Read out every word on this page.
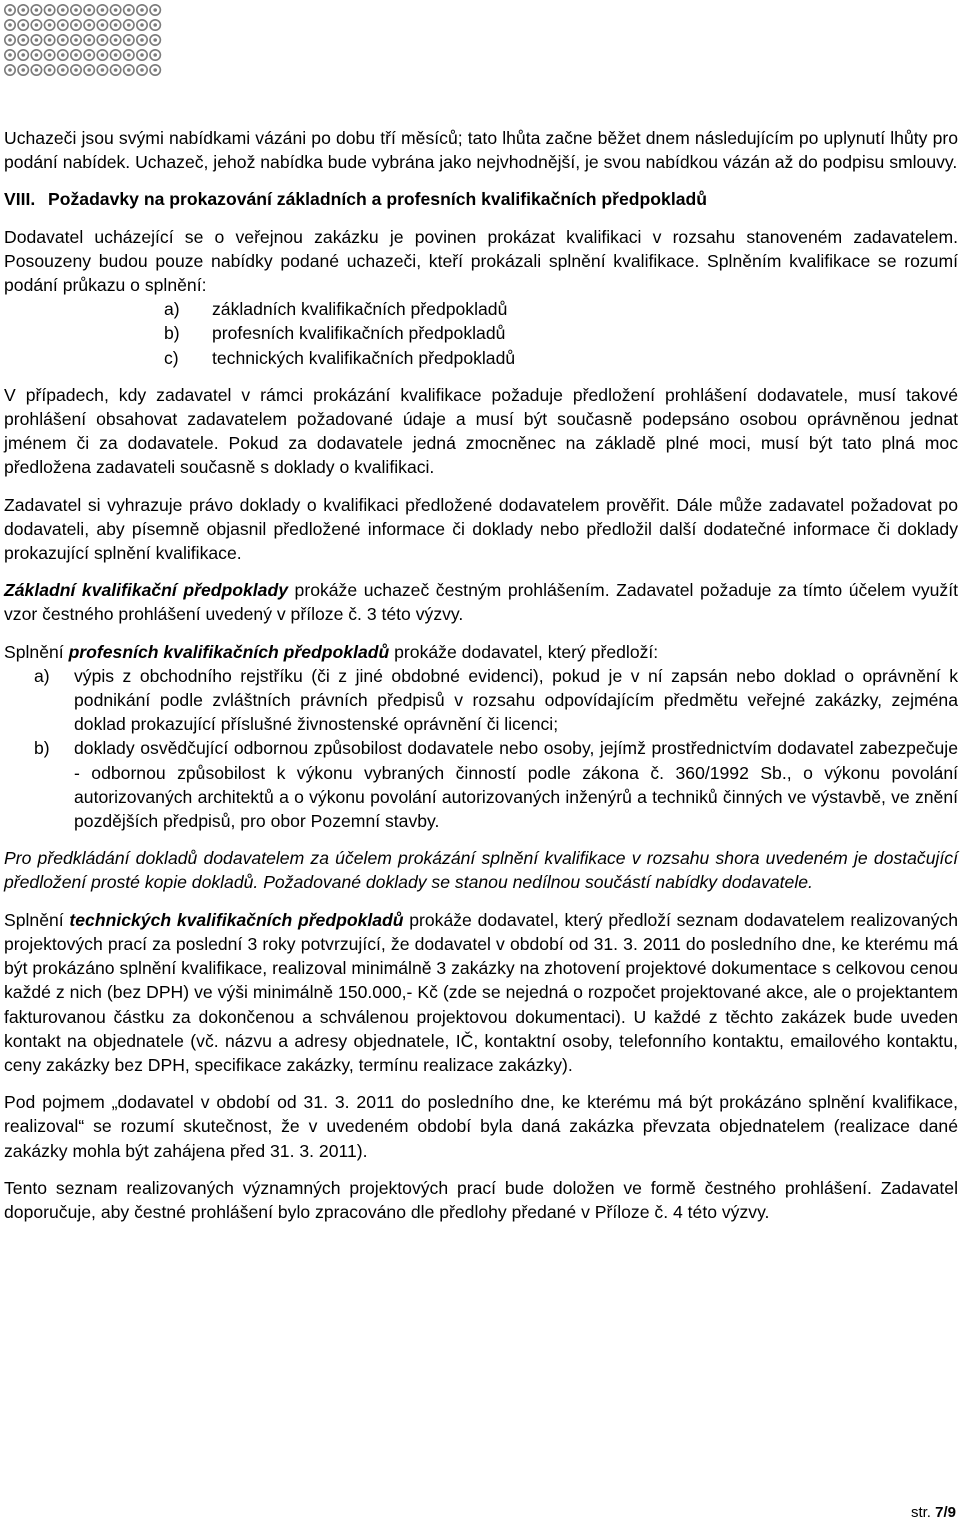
Uchazeči jsou svými nabídkami vázáni po dobu tří měsíců; tato lhůta začne běžet dnem následujícím po uplynutí lhůty pro podání nabídek. Uchazeč, jehož nabídka bude vybrána jako nejvhodnější, je svou nabídkou vázán až do podpisu smlouvy.

VIII. Požadavky na prokazování základních a profesních kvalifikačních předpokladů

Dodavatel ucházející se o veřejnou zakázku je povinen prokázat kvalifikaci v rozsahu stanoveném zadavatelem. Posouzeny budou pouze nabídky podané uchazeči, kteří prokázali splnění kvalifikace. Splněním kvalifikace se rozumí podání průkazu o splnění:

a) základních kvalifikačních předpokladů
b) profesních kvalifikačních předpokladů
c) technických kvalifikačních předpokladů

V případech, kdy zadavatel v rámci prokázání kvalifikace požaduje předložení prohlášení dodavatele, musí takové prohlášení obsahovat zadavatelem požadované údaje a musí být současně podepsáno osobou oprávněnou jednat jménem či za dodavatele. Pokud za dodavatele jedná zmocněnec na základě plné moci, musí být tato plná moc předložena zadavateli současně s doklady o kvalifikaci.

Zadavatel si vyhrazuje právo doklady o kvalifikaci předložené dodavatelem prověřit. Dále může zadavatel požadovat po dodavateli, aby písemně objasnil předložené informace či doklady nebo předložil další dodatečné informace či doklady prokazující splnění kvalifikace.

Základní kvalifikační předpoklady prokáže uchazeč čestným prohlášením. Zadavatel požaduje za tímto účelem využít vzor čestného prohlášení uvedený v příloze č. 3 této výzvy.

Splnění profesních kvalifikačních předpokladů prokáže dodavatel, který předloží:

a) výpis z obchodního rejstříku (či z jiné obdobné evidenci), pokud je v ní zapsán nebo doklad o oprávnění k podnikání podle zvláštních právních předpisů v rozsahu odpovídajícím předmětu veřejné zakázky, zejména doklad prokazující příslušné živnostenské oprávnění či licenci;
b) doklady osvědčující odbornou způsobilost dodavatele nebo osoby, jejímž prostřednictvím dodavatel zabezpečuje - odbornou způsobilost k výkonu vybraných činností podle zákona č. 360/1992 Sb., o výkonu povolání autorizovaných architektů a o výkonu povolání autorizovaných inženýrů a techniků činných ve výstavbě, ve znění pozdějších předpisů, pro obor Pozemní stavby.

Pro předkládání dokladů dodavatelem za účelem prokázání splnění kvalifikace v rozsahu shora uvedeném je dostačující předložení prosté kopie dokladů. Požadované doklady se stanou nedílnou součástí nabídky dodavatele.

Splnění technických kvalifikačních předpokladů prokáže dodavatel, který předloží seznam dodavatelem realizovaných projektových prací za poslední 3 roky potvrzující, že dodavatel v období od 31. 3. 2011 do posledního dne, ke kterému má být prokázáno splnění kvalifikace, realizoval minimálně 3 zakázky na zhotovení projektové dokumentace s celkovou cenou každé z nich (bez DPH) ve výši minimálně 150.000,- Kč (zde se nejedná o rozpočet projektované akce, ale o projektantem fakturovanou částku za dokončenou a schválenou projektovou dokumentaci). U každé z těchto zakázek bude uveden kontakt na objednatele (vč. názvu a adresy objednatele, IČ, kontaktní osoby, telefonního kontaktu, emailového kontaktu, ceny zakázky bez DPH, specifikace zakázky, termínu realizace zakázky).

Pod pojmem „dodavatel v období od 31. 3. 2011 do posledního dne, ke kterému má být prokázáno splnění kvalifikace, realizoval“ se rozumí skutečnost, že v uvedeném období byla daná zakázka převzata objednatelem (realizace dané zakázky mohla být zahájena před 31. 3. 2011).

Tento seznam realizovaných významných projektových prací bude doložen ve formě čestného prohlášení. Zadavatel doporučuje, aby čestné prohlášení bylo zpracováno dle předlohy předané v Příloze č. 4 této výzvy.

str. 7/9
